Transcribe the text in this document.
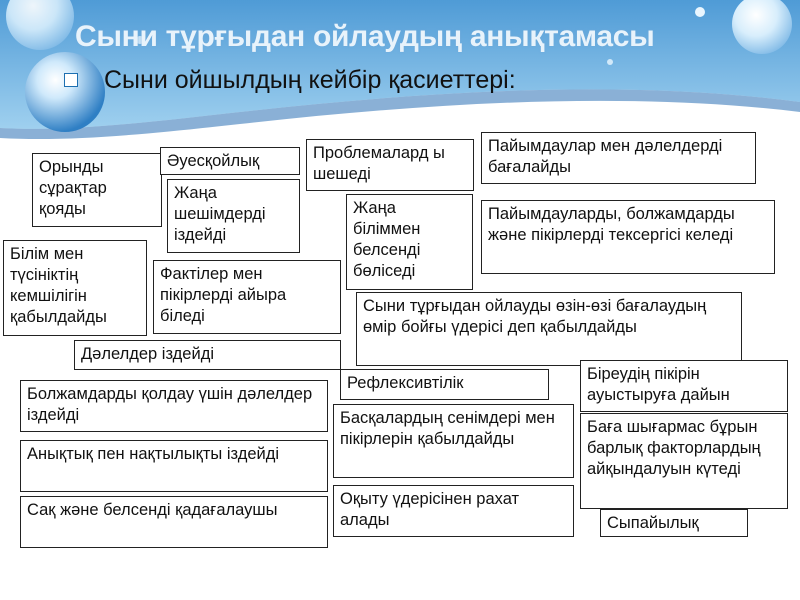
Сыни тұрғыдан ойлаудың анықтамасы
Сыни ойшылдың кейбір қасиеттері:
Орынды сұрақтар қояды
Әуесқойлық
Жаңа шешімдерді іздейді
Проблемалард ы шешеді
Пайымдаулар мен дәлелдерді бағалайды
Жаңа біліммен белсенді бөліседі
Пайымдауларды, болжамдарды және пікірлерді тексергісі келеді
Білім мен түсініктің кемшілігін қабылдайды
Фактілер мен пікірлерді айыра біледі
Сыни тұрғыдан ойлауды өзін-өзі бағалаудың өмір бойғы үдерісі деп қабылдайды
Дәлелдер іздейді
Рефлексивтілік	Біреудің пікірін ауыстыруға дайын
Болжамдарды қолдау үшін дәлелдер іздейді	Басқалардың сенімдері мен пікірлерін қабылдайды
Баға шығармас бұрын барлық факторлардың айқындалуын күтеді
Анықтық пен нақтылықты іздейді
Оқыту үдерісінен рахат алады
Сақ және белсенді қадағалаушы
Сыпайылық
